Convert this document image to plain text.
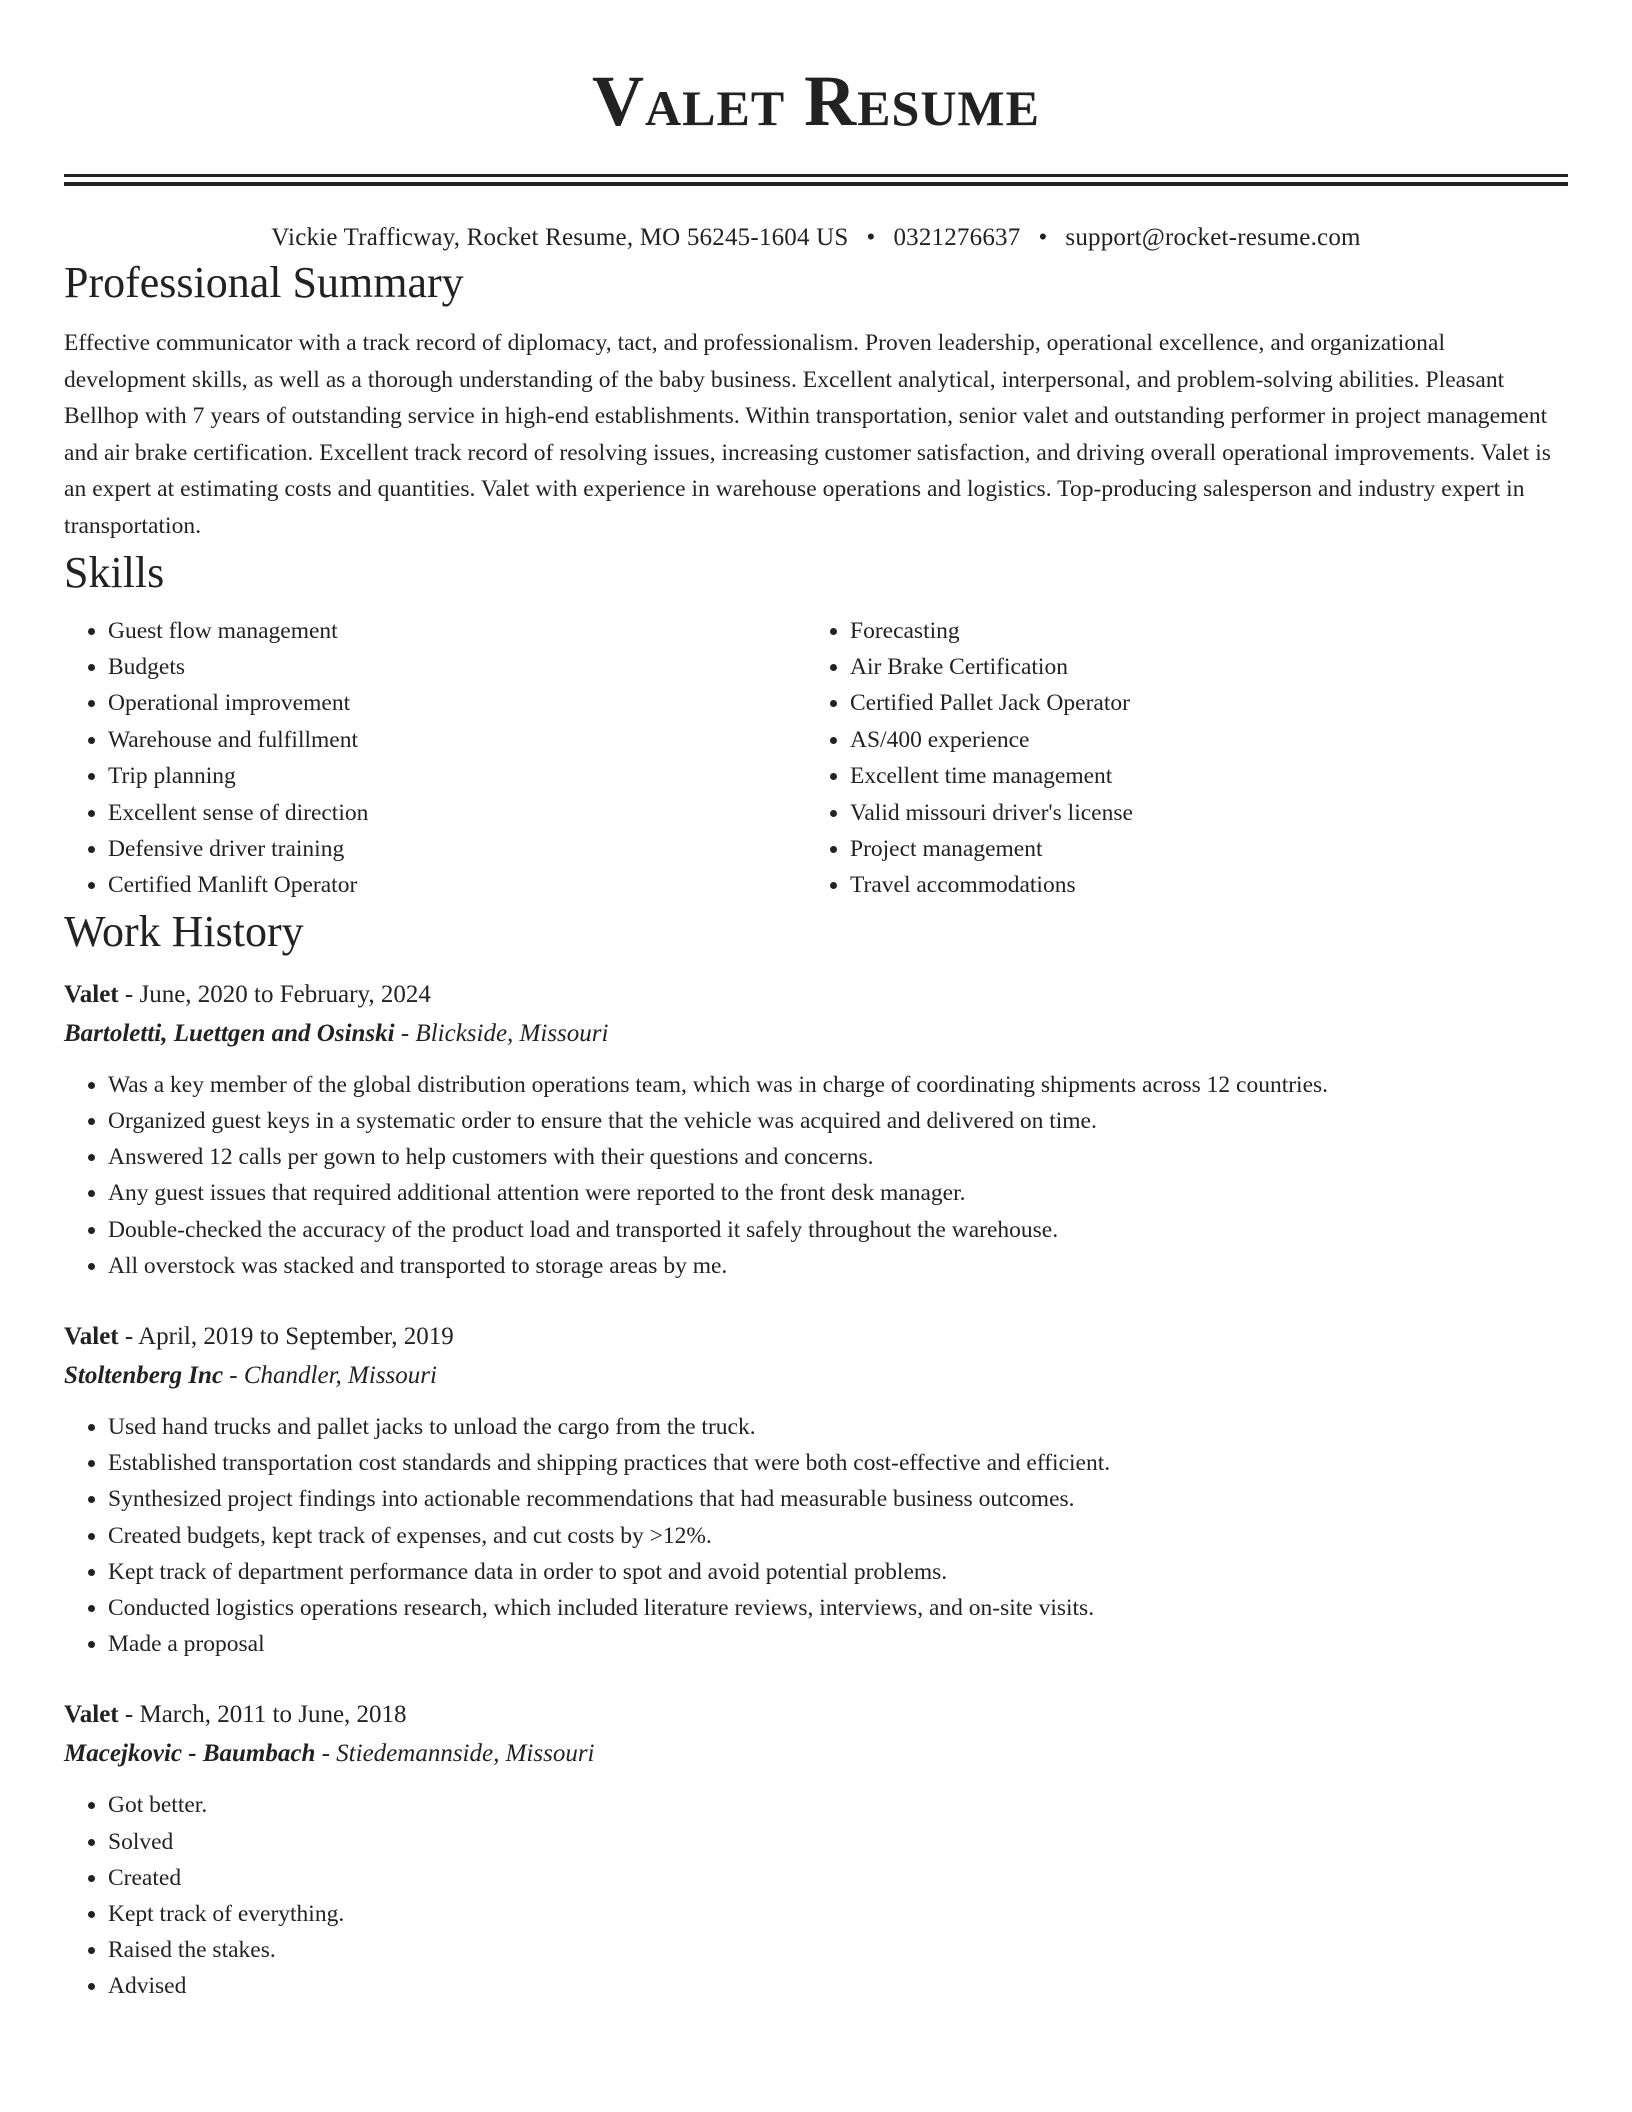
Valet Resume
Vickie Trafficway, Rocket Resume, MO 56245-1604 US • 0321276637 • support@rocket-resume.com
Professional Summary
Effective communicator with a track record of diplomacy, tact, and professionalism. Proven leadership, operational excellence, and organizational development skills, as well as a thorough understanding of the baby business. Excellent analytical, interpersonal, and problem-solving abilities. Pleasant Bellhop with 7 years of outstanding service in high-end establishments. Within transportation, senior valet and outstanding performer in project management and air brake certification. Excellent track record of resolving issues, increasing customer satisfaction, and driving overall operational improvements. Valet is an expert at estimating costs and quantities. Valet with experience in warehouse operations and logistics. Top-producing salesperson and industry expert in transportation.
Skills
• Guest flow management
• Budgets
• Operational improvement
• Warehouse and fulfillment
• Trip planning
• Excellent sense of direction
• Defensive driver training
• Certified Manlift Operator
• Forecasting
• Air Brake Certification
• Certified Pallet Jack Operator
• AS/400 experience
• Excellent time management
• Valid missouri driver's license
• Project management
• Travel accommodations
Work History
Valet - June, 2020 to February, 2024
Bartoletti, Luettgen and Osinski - Blickside, Missouri
• Was a key member of the global distribution operations team, which was in charge of coordinating shipments across 12 countries.
• Organized guest keys in a systematic order to ensure that the vehicle was acquired and delivered on time.
• Answered 12 calls per gown to help customers with their questions and concerns.
• Any guest issues that required additional attention were reported to the front desk manager.
• Double-checked the accuracy of the product load and transported it safely throughout the warehouse.
• All overstock was stacked and transported to storage areas by me.
Valet - April, 2019 to September, 2019
Stoltenberg Inc - Chandler, Missouri
• Used hand trucks and pallet jacks to unload the cargo from the truck.
• Established transportation cost standards and shipping practices that were both cost-effective and efficient.
• Synthesized project findings into actionable recommendations that had measurable business outcomes.
• Created budgets, kept track of expenses, and cut costs by >12%.
• Kept track of department performance data in order to spot and avoid potential problems.
• Conducted logistics operations research, which included literature reviews, interviews, and on-site visits.
• Made a proposal
Valet - March, 2011 to June, 2018
Macejkovic - Baumbach - Stiedemannside, Missouri
• Got better.
• Solved
• Created
• Kept track of everything.
• Raised the stakes.
• Advised
